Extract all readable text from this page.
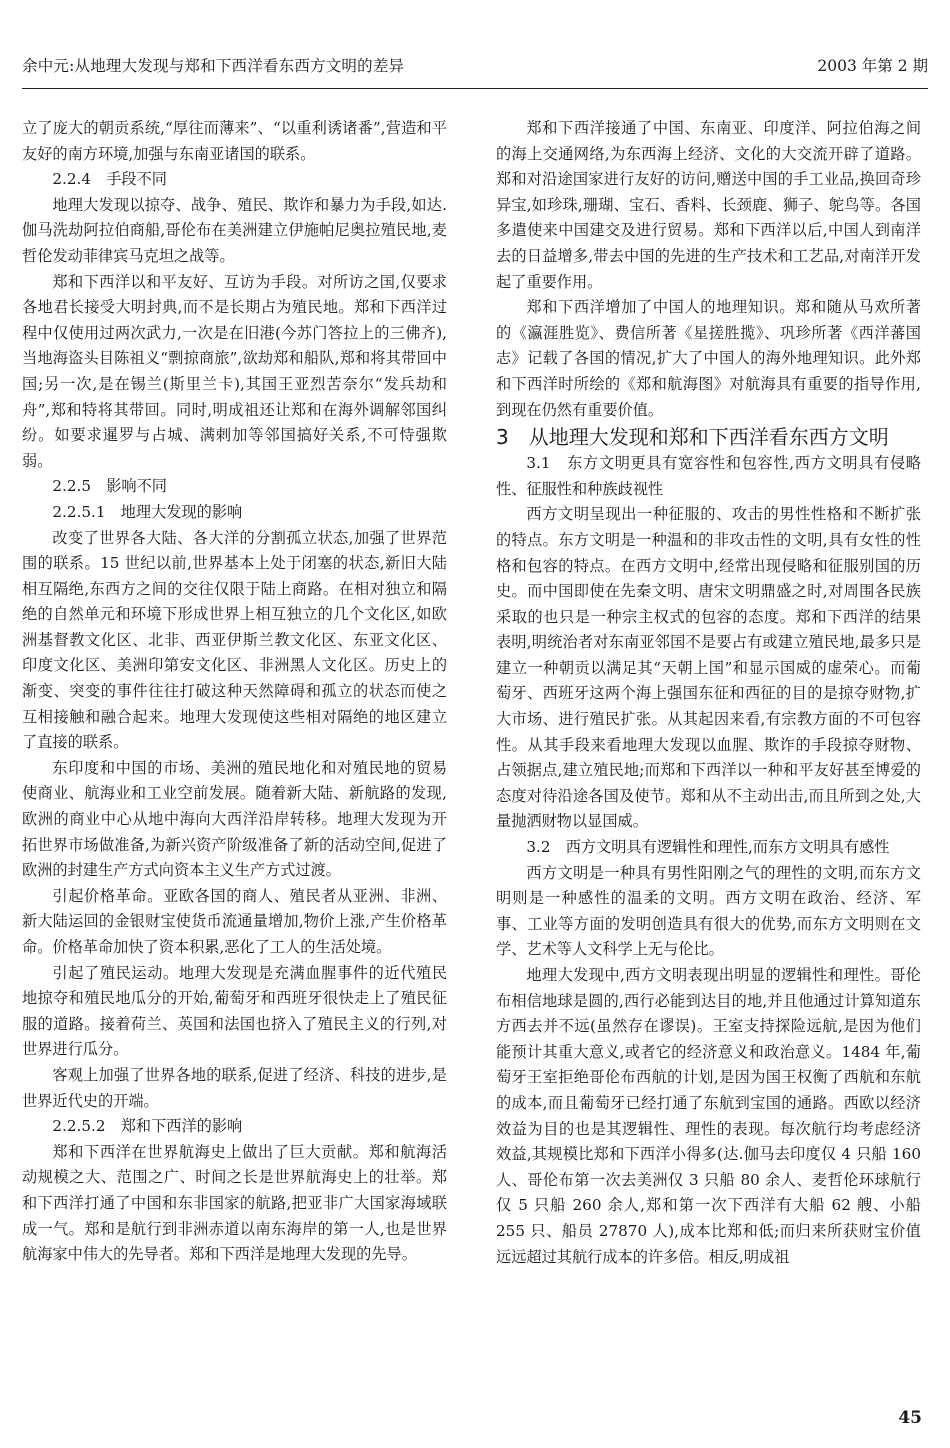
余中元:从地理大发现与郑和下西洋看东西方文明的差异	2003 年第 2 期

立了庞大的朝贡系统,“厚往而薄来”、“以重利诱诸番”,营造和平友好的南方环境,加强与东南亚诸国的联系。

2.2.4　手段不同

地理大发现以掠夺、战争、殖民、欺诈和暴力为手段,如达.伽马洗劫阿拉伯商船,哥伦布在美洲建立伊施帕尼奥拉殖民地,麦哲伦发动菲律宾马克坦之战等。

郑和下西洋以和平友好、互访为手段。对所访之国,仅要求各地君长接受大明封典,而不是长期占为殖民地。郑和下西洋过程中仅使用过两次武力,一次是在旧港(今苏门答拉上的三佛齐),当地海盗头目陈祖义“剽掠商旅”,欲劫郑和船队,郑和将其带回中国;另一次,是在锡兰(斯里兰卡),其国王亚烈苦奈尔“发兵劫和舟”,郑和特将其带回。同时,明成祖还让郑和在海外调解邻国纠纷。如要求暹罗与占城、满剌加等邻国搞好关系,不可恃强欺弱。

2.2.5　影响不同

2.2.5.1　地理大发现的影响

改变了世界各大陆、各大洋的分割孤立状态,加强了世界范围的联系。15 世纪以前,世界基本上处于闭塞的状态,新旧大陆相互隔绝,东西方之间的交往仅限于陆上商路。在相对独立和隔绝的自然单元和环境下形成世界上相互独立的几个文化区,如欧洲基督教文化区、北非、西亚伊斯兰教文化区、东亚文化区、印度文化区、美洲印第安文化区、非洲黑人文化区。历史上的渐变、突变的事件往往打破这种天然障碍和孤立的状态而使之互相接触和融合起来。地理大发现使这些相对隔绝的地区建立了直接的联系。

东印度和中国的市场、美洲的殖民地化和对殖民地的贸易使商业、航海业和工业空前发展。随着新大陆、新航路的发现,欧洲的商业中心从地中海向大西洋沿岸转移。地理大发现为开拓世界市场做准备,为新兴资产阶级准备了新的活动空间,促进了欧洲的封建生产方式向资本主义生产方式过渡。

引起价格革命。亚欧各国的商人、殖民者从亚洲、非洲、新大陆运回的金银财宝使货币流通量增加,物价上涨,产生价格革命。价格革命加快了资本积累,恶化了工人的生活处境。

引起了殖民运动。地理大发现是充满血腥事件的近代殖民地掠夺和殖民地瓜分的开始,葡萄牙和西班牙很快走上了殖民征服的道路。接着荷兰、英国和法国也挤入了殖民主义的行列,对世界进行瓜分。

客观上加强了世界各地的联系,促进了经济、科技的进步,是世界近代史的开端。

2.2.5.2　郑和下西洋的影响

郑和下西洋在世界航海史上做出了巨大贡献。郑和航海活动规模之大、范围之广、时间之长是世界航海史上的壮举。郑和下西洋打通了中国和东非国家的航路,把亚非广大国家海域联成一气。郑和是航行到非洲赤道以南东海岸的第一人,也是世界航海家中伟大的先导者。郑和下西洋是地理大发现的先导。

郑和下西洋接通了中国、东南亚、印度洋、阿拉伯海之间的海上交通网络,为东西海上经济、文化的大交流开辟了道路。郑和对沿途国家进行友好的访问,赠送中国的手工业品,换回奇珍异宝,如珍珠,珊瑚、宝石、香料、长颈鹿、狮子、鸵鸟等。各国多遣使来中国建交及进行贸易。郑和下西洋以后,中国人到南洋去的日益增多,带去中国的先进的生产技术和工艺品,对南洋开发起了重要作用。

郑和下西洋增加了中国人的地理知识。郑和随从马欢所著的《瀛涯胜览》、费信所著《星搓胜揽》、巩珍所著《西洋蕃国志》记载了各国的情况,扩大了中国人的海外地理知识。此外郑和下西洋时所绘的《郑和航海图》对航海具有重要的指导作用,到现在仍然有重要价值。

3　从地理大发现和郑和下西洋看东西方文明

3.1　东方文明更具有宽容性和包容性,西方文明具有侵略性、征服性和种族歧视性

西方文明呈现出一种征服的、攻击的男性性格和不断扩张的特点。东方文明是一种温和的非攻击性的文明,具有女性的性格和包容的特点。在西方文明中,经常出现侵略和征服别国的历史。而中国即使在先秦文明、唐宋文明鼎盛之时,对周围各民族采取的也只是一种宗主权式的包容的态度。郑和下西洋的结果表明,明统治者对东南亚邻国不是要占有或建立殖民地,最多只是建立一种朝贡以满足其“天朝上国”和显示国威的虚荣心。而葡萄牙、西班牙这两个海上强国东征和西征的目的是掠夺财物,扩大市场、进行殖民扩张。从其起因来看,有宗教方面的不可包容性。从其手段来看地理大发现以血腥、欺诈的手段掠夺财物、占领据点,建立殖民地;而郑和下西洋以一种和平友好甚至博爱的态度对待沿途各国及使节。郑和从不主动出击,而且所到之处,大量抛洒财物以显国威。

3.2　西方文明具有逻辑性和理性,而东方文明具有感性

西方文明是一种具有男性阳刚之气的理性的文明,而东方文明则是一种感性的温柔的文明。西方文明在政治、经济、军事、工业等方面的发明创造具有很大的优势,而东方文明则在文学、艺术等人文科学上无与伦比。

地理大发现中,西方文明表现出明显的逻辑性和理性。哥伦布相信地球是圆的,西行必能到达目的地,并且他通过计算知道东方西去并不远(虽然存在谬误)。王室支持探险远航,是因为他们能预计其重大意义,或者它的经济意义和政治意义。1484 年,葡萄牙王室拒绝哥伦布西航的计划,是因为国王权衡了西航和东航的成本,而且葡萄牙已经打通了东航到宝国的通路。西欧以经济效益为目的也是其逻辑性、理性的表现。每次航行均考虑经济效益,其规模比郑和下西洋小得多(达.伽马去印度仅 4 只船 160 人、哥伦布第一次去美洲仅 3 只船 80 余人、麦哲伦环球航行仅 5 只船 260 余人,郑和第一次下西洋有大船 62 艘、小船 255 只、船员 27870 人),成本比郑和低;而归来所获财宝价值远远超过其航行成本的许多倍。相反,明成祖

45
